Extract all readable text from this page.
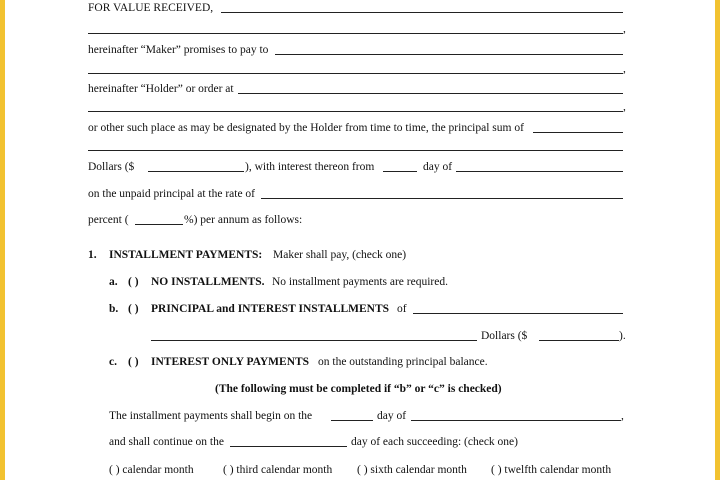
FOR VALUE RECEIVED,
,
hereinafter “Maker” promises to pay to
,
hereinafter “Holder” or order at
,
or other such place as may be designated by the Holder from time to time, the principal sum of
Dollars ($	), with interest thereon from	day of
on the unpaid principal at the rate of
percent (	%) per annum as follows:
1. INSTALLMENT PAYMENTS: Maker shall pay, (check one)
a. ( ) NO INSTALLMENTS. No installment payments are required.
b. ( ) PRINCIPAL and INTEREST INSTALLMENTS of
Dollars ($	).
c. ( ) INTEREST ONLY PAYMENTS on the outstanding principal balance.
(The following must be completed if “b” or “c” is checked)
The installment payments shall begin on the	day of	,
and shall continue on the	day of each succeeding: (check one)
( ) calendar month	( ) third calendar month ( ) sixth calendar month ( ) twelfth calendar month
